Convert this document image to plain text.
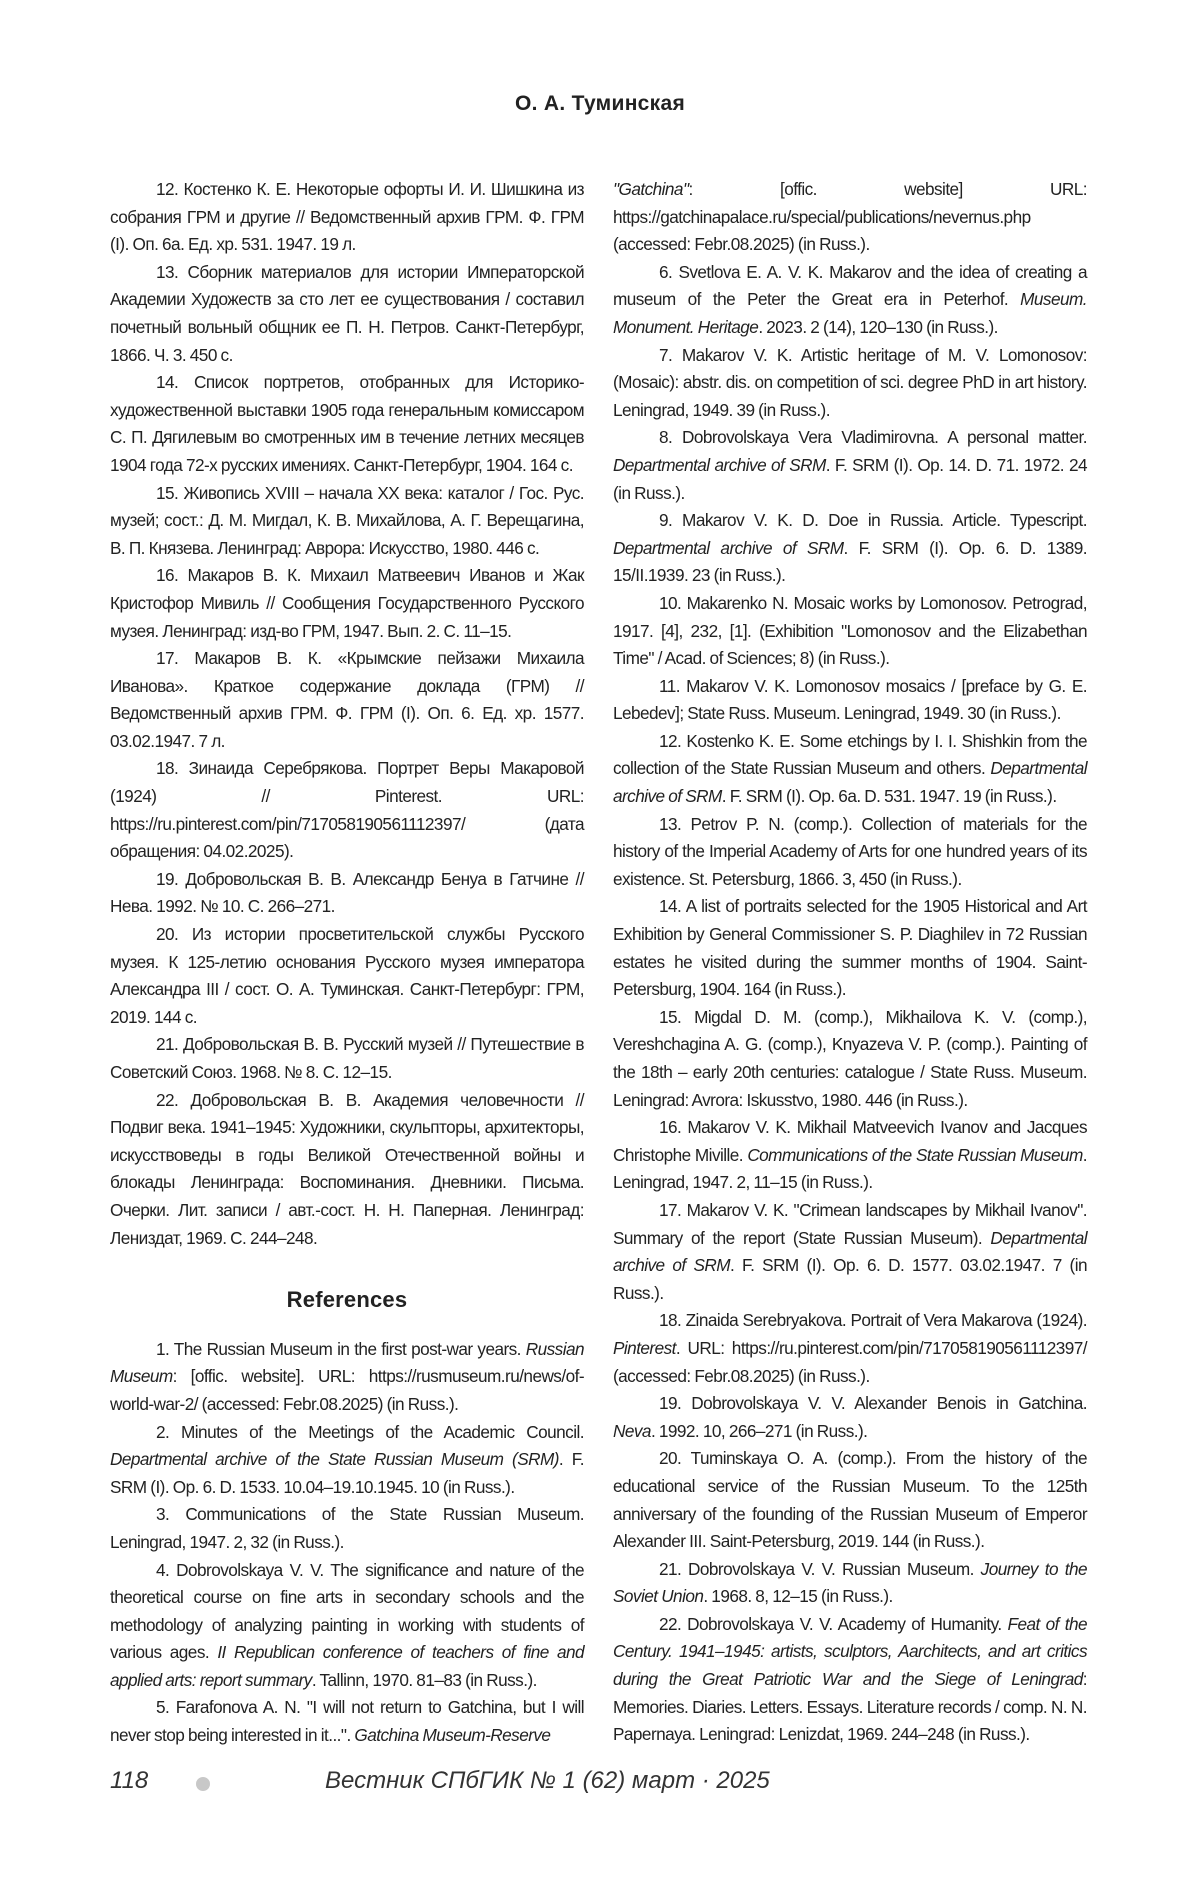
О. А. Туминская

12. Костенко К. Е. Некоторые офорты И. И. Шишкина из собрания ГРМ и другие // Ведомственный архив ГРМ. Ф. ГРМ (I). Оп. 6а. Ед. хр. 531. 1947. 19 л.

13. Сборник материалов для истории Императорской Академии Художеств за сто лет ее существования / составил почетный вольный общник ее П. Н. Петров. Санкт-Петербург, 1866. Ч. 3. 450 с.

14. Список портретов, отобранных для Историко-художественной выставки 1905 года генеральным комиссаром С. П. Дягилевым во смотренных им в течение летних месяцев 1904 года 72-х русских имениях. Санкт-Петербург, 1904. 164 с.

15. Живопись XVIII – начала XX века: каталог / Гос. Рус. музей; сост.: Д. М. Мигдал, К. В. Михайлова, А. Г. Верещагина, В. П. Князева. Ленинград: Аврора: Искусство, 1980. 446 с.

16. Макаров В. К. Михаил Матвеевич Иванов и Жак Кристофор Мивиль // Сообщения Государственного Русского музея. Ленинград: изд-во ГРМ, 1947. Вып. 2. С. 11–15.

17. Макаров В. К. «Крымские пейзажи Михаила Иванова». Краткое содержание доклада (ГРМ) // Ведомственный архив ГРМ. Ф. ГРМ (I). Оп. 6. Ед. хр. 1577. 03.02.1947. 7 л.

18. Зинаида Серебрякова. Портрет Веры Макаровой (1924) // Pinterest. URL: https://ru.pinterest.com/pin/717058190561112397/ (дата обращения: 04.02.2025).

19. Добровольская В. В. Александр Бенуа в Гатчине // Нева. 1992. № 10. С. 266–271.

20. Из истории просветительской службы Русского музея. К 125-летию основания Русского музея императора Александра III / сост. О. А. Туминская. Санкт-Петербург: ГРМ, 2019. 144 с.

21. Добровольская В. В. Русский музей // Путешествие в Советский Союз. 1968. № 8. С. 12–15.

22. Добровольская В. В. Академия человечности // Подвиг века. 1941–1945: Художники, скульпторы, архитекторы, искусствоведы в годы Великой Отечественной войны и блокады Ленинграда: Воспоминания. Дневники. Письма. Очерки. Лит. записи / авт.-сост. Н. Н. Паперная. Ленинград: Лениздат, 1969. С. 244–248.

References

1. The Russian Museum in the first post-war years. Russian Museum: [offic. website]. URL: https://rusmuseum.ru/news/of-world-war-2/ (accessed: Febr.08.2025) (in Russ.).

2. Minutes of the Meetings of the Academic Council. Departmental archive of the State Russian Museum (SRM). F. SRM (I). Op. 6. D. 1533. 10.04–19.10.1945. 10 (in Russ.).

3. Communications of the State Russian Museum. Leningrad, 1947. 2, 32 (in Russ.).

4. Dobrovolskaya V. V. The significance and nature of the theoretical course on fine arts in secondary schools and the methodology of analyzing painting in working with students of various ages. II Republican conference of teachers of fine and applied arts: report summary. Tallinn, 1970. 81–83 (in Russ.).

5. Farafonova A. N. "I will not return to Gatchina, but I will never stop being interested in it...". Gatchina Museum-Reserve

"Gatchina": [offic. website] URL: https://gatchinapalace.ru/special/publications/nevernus.php (accessed: Febr.08.2025) (in Russ.).

6. Svetlova E. A. V. K. Makarov and the idea of creating a museum of the Peter the Great era in Peterhof. Museum. Monument. Heritage. 2023. 2 (14), 120–130 (in Russ.).

7. Makarov V. K. Artistic heritage of M. V. Lomonosov: (Mosaic): abstr. dis. on competition of sci. degree PhD in art history. Leningrad, 1949. 39 (in Russ.).

8. Dobrovolskaya Vera Vladimirovna. A personal matter. Departmental archive of SRM. F. SRM (I). Op. 14. D. 71. 1972. 24 (in Russ.).

9. Makarov V. K. D. Doe in Russia. Article. Typescript. Departmental archive of SRM. F. SRM (I). Op. 6. D. 1389. 15/II.1939. 23 (in Russ.).

10. Makarenko N. Mosaic works by Lomonosov. Petrograd, 1917. [4], 232, [1]. (Exhibition "Lomonosov and the Elizabethan Time" / Acad. of Sciences; 8) (in Russ.).

11. Makarov V. K. Lomonosov mosaics / [preface by G. E. Lebedev]; State Russ. Museum. Leningrad, 1949. 30 (in Russ.).

12. Kostenko K. E. Some etchings by I. I. Shishkin from the collection of the State Russian Museum and others. Departmental archive of SRM. F. SRM (I). Op. 6a. D. 531. 1947. 19 (in Russ.).

13. Petrov P. N. (comp.). Collection of materials for the history of the Imperial Academy of Arts for one hundred years of its existence. St. Petersburg, 1866. 3, 450 (in Russ.).

14. A list of portraits selected for the 1905 Historical and Art Exhibition by General Commissioner S. P. Diaghilev in 72 Russian estates he visited during the summer months of 1904. Saint-Petersburg, 1904. 164 (in Russ.).

15. Migdal D. M. (comp.), Mikhailova K. V. (comp.), Vereshchagina A. G. (comp.), Knyazeva V. P. (comp.). Painting of the 18th – early 20th centuries: catalogue / State Russ. Museum. Leningrad: Avrora: Iskusstvo, 1980. 446 (in Russ.).

16. Makarov V. K. Mikhail Matveevich Ivanov and Jacques Christophe Miville. Communications of the State Russian Museum. Leningrad, 1947. 2, 11–15 (in Russ.).

17. Makarov V. K. "Crimean landscapes by Mikhail Ivanov". Summary of the report (State Russian Museum). Departmental archive of SRM. F. SRM (I). Op. 6. D. 1577. 03.02.1947. 7 (in Russ.).

18. Zinaida Serebryakova. Portrait of Vera Makarova (1924). Pinterest. URL: https://ru.pinterest.com/pin/717058190561112397/ (accessed: Febr.08.2025) (in Russ.).

19. Dobrovolskaya V. V. Alexander Benois in Gatchina. Neva. 1992. 10, 266–271 (in Russ.).

20. Tuminskaya O. A. (comp.). From the history of the educational service of the Russian Museum. To the 125th anniversary of the founding of the Russian Museum of Emperor Alexander III. Saint-Petersburg, 2019. 144 (in Russ.).

21. Dobrovolskaya V. V. Russian Museum. Journey to the Soviet Union. 1968. 8, 12–15 (in Russ.).

22. Dobrovolskaya V. V. Academy of Humanity. Feat of the Century. 1941–1945: artists, sculptors, Aarchitects, and art critics during the Great Patriotic War and the Siege of Leningrad: Memories. Diaries. Letters. Essays. Literature records / comp. N. N. Papernaya. Leningrad: Lenizdat, 1969. 244–248 (in Russ.).

118	Вестник СПбГИК № 1 (62) март · 2025
